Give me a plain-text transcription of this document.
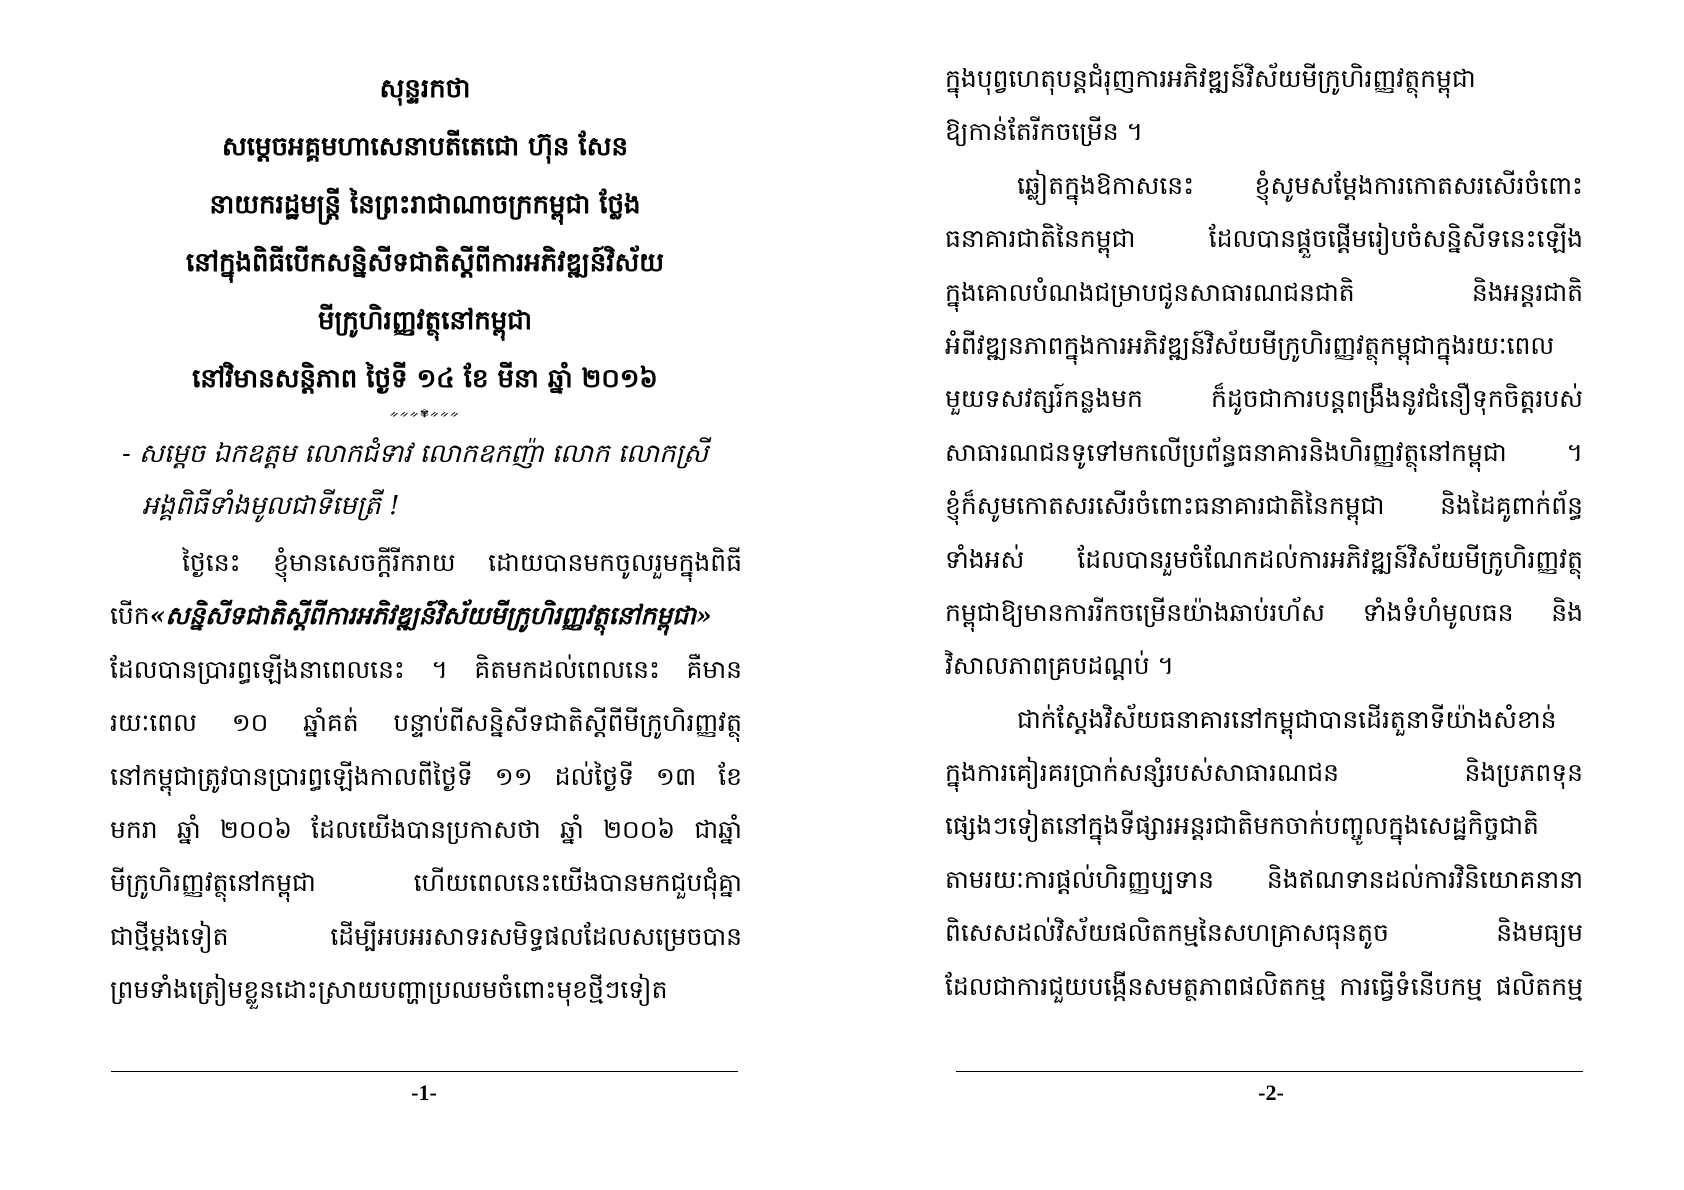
សុន្ទរកថា
សម្តេចអគ្គមហាសេនាបតីតេជោ ហ៊ុន សែន
នាយករដ្ឋមន្ត្រី នៃព្រះរាជាណាចក្រកម្ពុជា ថ្លែង
នៅក្នុងពិធីបើកសន្និសីទជាតិស្តីពីការអភិវឌ្ឍន៍វិស័យ
មីក្រូហិរញ្ញវត្ថុនៅកម្ពុជា
នៅវិមានសន្តិភាព ថ្ងៃទី ១៤ ខែ មីនា ឆ្នាំ ២០១៦
ᨀᨀᨀ✾ᨀᨀᨀ
- សម្តេច ឯកឧត្តម លោកជំទាវ លោកឧកញ៉ា លោក លោកស្រី
អង្គពិធីទាំងមូលជាទីមេត្រី !
ថ្ងៃនេះ ខ្ញុំមានសេចក្តីរីករាយ ដោយបានមកចូលរួមក្នុងពិធី
បើក«សន្និសីទជាតិស្តីពីការអភិវឌ្ឍន៍វិស័យមីក្រូហិរញ្ញវត្ថុនៅកម្ពុជា»
ដែលបានប្រារព្ធឡើងនាពេលនេះ ។ គិតមកដល់ពេលនេះ គឺមាន
រយៈពេល ១០ ឆ្នាំគត់ បន្ទាប់ពីសន្និសីទជាតិស្តីពីមីក្រូហិរញ្ញវត្ថុ
នៅកម្ពុជាត្រូវបានប្រារព្ធឡើងកាលពីថ្ងៃទី ១១ ដល់ថ្ងៃទី ១៣ ខែ
មករា ឆ្នាំ ២០០៦ ដែលយើងបានប្រកាសថា ឆ្នាំ ២០០៦ ជាឆ្នាំ
មីក្រូហិរញ្ញវត្ថុនៅកម្ពុជា ហើយពេលនេះយើងបានមកជួបជុំគ្នា
ជាថ្មីម្តងទៀត ដើម្បីអបអរសាទរសមិទ្ធផលដែលសម្រេចបាន
ព្រមទាំងត្រៀមខ្លួនដោះស្រាយបញ្ហាប្រឈមចំពោះមុខថ្មីៗទៀត
-1-
ក្នុងបុព្វហេតុបន្តជំរុញការអភិវឌ្ឍន៍វិស័យមីក្រូហិរញ្ញវត្ថុកម្ពុជា
ឱ្យកាន់តែរីកចម្រើន ។
ឆ្លៀតក្នុងឱកាសនេះ ខ្ញុំសូមសម្តែងការកោតសរសើរចំពោះ
ធនាគារជាតិនៃកម្ពុជា ដែលបានផ្តួចផ្តើមរៀបចំសន្និសីទនេះឡើង
ក្នុងគោលបំណងជម្រាបជូនសាធារណជនជាតិ និងអន្តរជាតិ
អំពីវឌ្ឍនភាពក្នុងការអភិវឌ្ឍន៍វិស័យមីក្រូហិរញ្ញវត្ថុកម្ពុជាក្នុងរយៈពេល
មួយទសវត្សរ៍កន្លងមក ក៏ដូចជាការបន្តពង្រឹងនូវជំនឿទុកចិត្តរបស់
សាធារណជនទូទៅមកលើប្រព័ន្ធធនាគារនិងហិរញ្ញវត្ថុនៅកម្ពុជា ។
ខ្ញុំក៏សូមកោតសរសើរចំពោះធនាគារជាតិនៃកម្ពុជា និងដៃគូពាក់ព័ន្ធ
ទាំងអស់ ដែលបានរួមចំណែកដល់ការអភិវឌ្ឍន៍វិស័យមីក្រូហិរញ្ញវត្ថុ
កម្ពុជាឱ្យមានការរីកចម្រើនយ៉ាងឆាប់រហ័ស ទាំងទំហំមូលធន និង
វិសាលភាពគ្របដណ្តប់ ។
ជាក់ស្តែងវិស័យធនាគារនៅកម្ពុជាបានដើរតួនាទីយ៉ាងសំខាន់
ក្នុងការគៀរគរប្រាក់សន្សំរបស់សាធារណជន និងប្រភពទុន
ផ្សេងៗទៀតនៅក្នុងទីផ្សារអន្តរជាតិមកចាក់បញ្ចូលក្នុងសេដ្ឋកិច្ចជាតិ
តាមរយៈការផ្តល់ហិរញ្ញប្បទាន និងឥណទានដល់ការវិនិយោគនានា
ពិសេសដល់វិស័យផលិតកម្មនៃសហគ្រាសធុនតូច និងមធ្យម
ដែលជាការជួយបង្កើនសមត្ថភាពផលិតកម្ម ការធ្វើទំនើបកម្ម ផលិតកម្ម
-2-
